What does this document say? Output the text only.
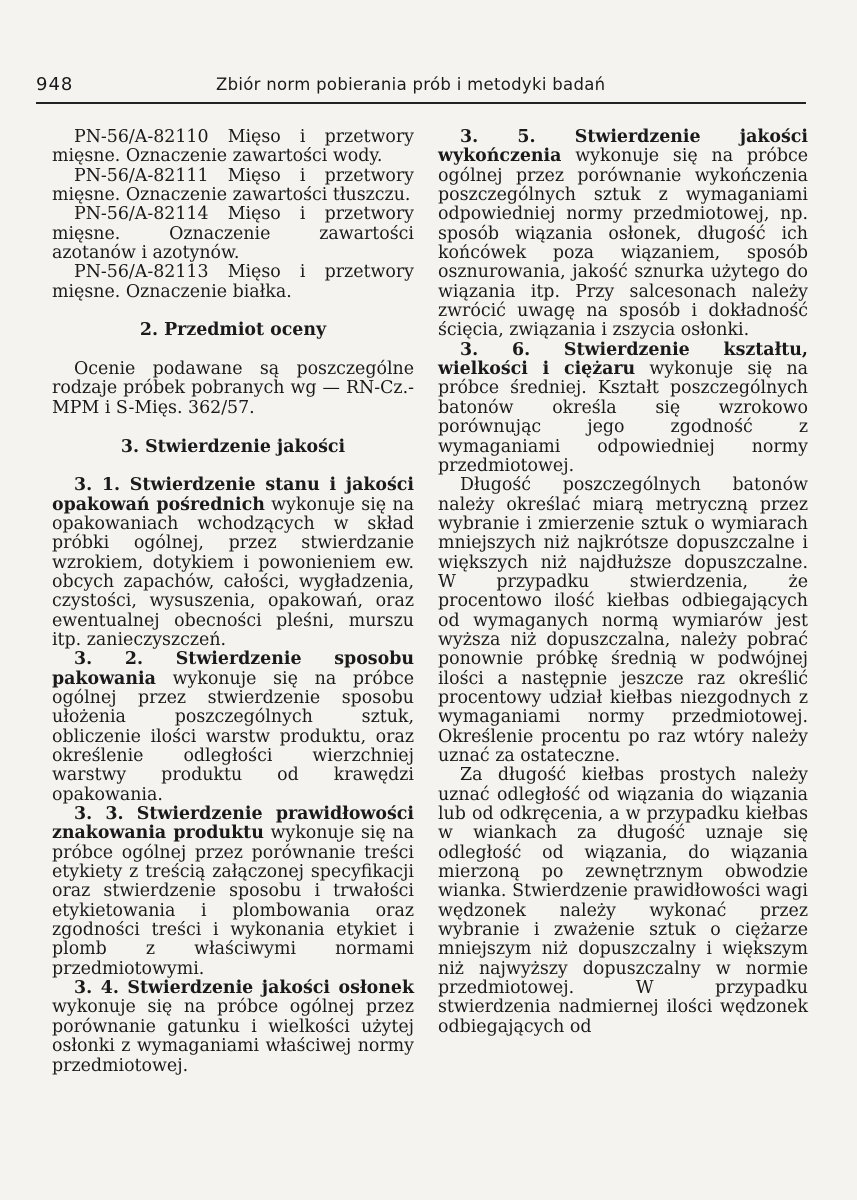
948	Zbiór norm pobierania prób i metodyki badań

PN-56/A-82110 Mięso i przetwory mięsne. Oznaczenie zawartości wody.

PN-56/A-82111 Mięso i przetwory mięsne. Oznaczenie zawartości tłuszczu.

PN-56/A-82114 Mięso i przetwory mięsne. Oznaczenie zawartości azotanów i azotynów.

PN-56/A-82113 Mięso i przetwory mięsne. Oznaczenie białka.

2. Przedmiot oceny

Ocenie podawane są poszczególne rodzaje próbek pobranych wg — RN-Cz.-MPM i S-Mięs. 362/57.

3. Stwierdzenie jakości

3. 1. Stwierdzenie stanu i jakości opakowań pośrednich wykonuje się na opakowaniach wchodzących w skład próbki ogólnej, przez stwierdzanie wzrokiem, dotykiem i powonieniem ew. obcych zapachów, całości, wygładzenia, czystości, wysuszenia, opakowań, oraz ewentualnej obecności pleśni, murszu itp. zanieczyszczeń.

3. 2. Stwierdzenie sposobu pakowania wykonuje się na próbce ogólnej przez stwierdzenie sposobu ułożenia poszczególnych sztuk, obliczenie ilości warstw produktu, oraz określenie odległości wierzchniej warstwy produktu od krawędzi opakowania.

3. 3. Stwierdzenie prawidłowości znakowania produktu wykonuje się na próbce ogólnej przez porównanie treści etykiety z treścią załączonej specyfikacji oraz stwierdzenie sposobu i trwałości etykietowania i plombowania oraz zgodności treści i wykonania etykiet i plomb z właściwymi normami przedmiotowymi.

3. 4. Stwierdzenie jakości osłonek wykonuje się na próbce ogólnej przez porównanie gatunku i wielkości użytej osłonki z wymaganiami właściwej normy przedmiotowej.

3. 5. Stwierdzenie jakości wykończenia wykonuje się na próbce ogólnej przez porównanie wykończenia poszczególnych sztuk z wymaganiami odpowiedniej normy przedmiotowej, np. sposób wiązania osłonek, długość ich końcówek poza wiązaniem, sposób osznurowania, jakość sznurka użytego do wiązania itp. Przy salcesonach należy zwrócić uwagę na sposób i dokładność ścięcia, związania i zszycia osłonki.

3. 6. Stwierdzenie kształtu, wielkości i ciężaru wykonuje się na próbce średniej. Kształt poszczególnych batonów określa się wzrokowo porównując jego zgodność z wymaganiami odpowiedniej normy przedmiotowej.

Długość poszczególnych batonów należy określać miarą metryczną przez wybranie i zmierzenie sztuk o wymiarach mniejszych niż najkrótsze dopuszczalne i większych niż najdłuższe dopuszczalne. W przypadku stwierdzenia, że procentowo ilość kiełbas odbiegających od wymaganych normą wymiarów jest wyższa niż dopuszczalna, należy pobrać ponownie próbkę średnią w podwójnej ilości a następnie jeszcze raz określić procentowy udział kiełbas niezgodnych z wymaganiami normy przedmiotowej. Określenie procentu po raz wtóry należy uznać za ostateczne.

Za długość kiełbas prostych należy uznać odległość od wiązania do wiązania lub od odkręcenia, a w przypadku kiełbas w wiankach za długość uznaje się odległość od wiązania, do wiązania mierzoną po zewnętrznym obwodzie wianka. Stwierdzenie prawidłowości wagi wędzonek należy wykonać przez wybranie i zważenie sztuk o ciężarze mniejszym niż dopuszczalny i większym niż najwyższy dopuszczalny w normie przedmiotowej. W przypadku stwierdzenia nadmiernej ilości wędzonek odbiegających od
